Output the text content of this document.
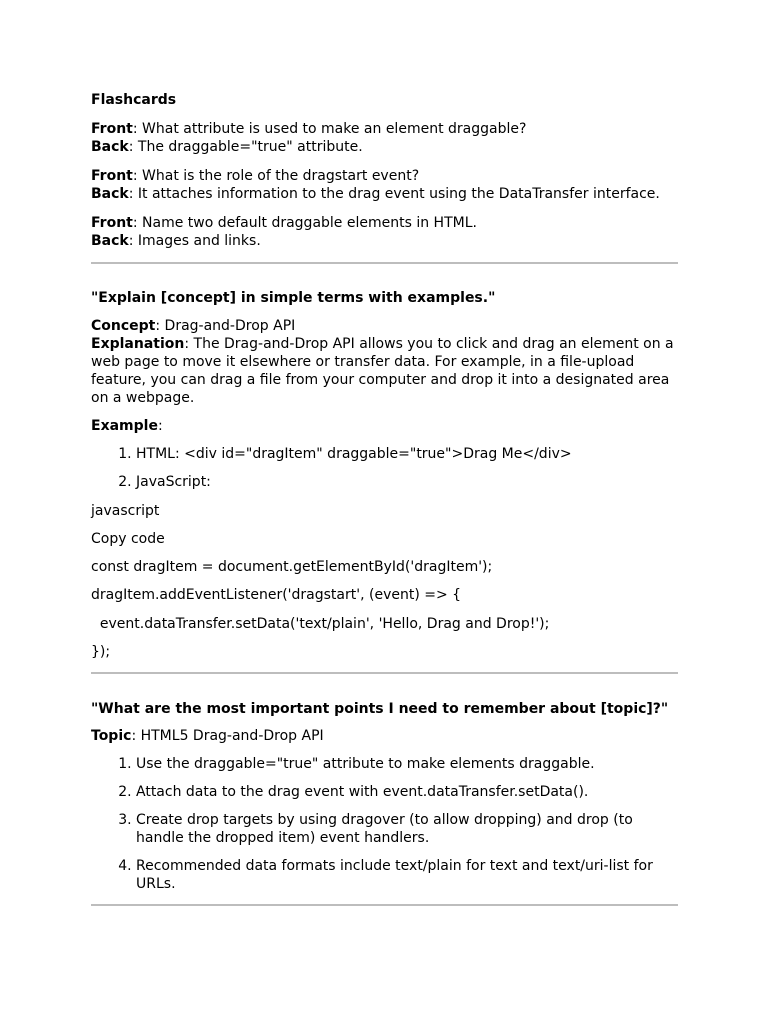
Flashcards

Front: What attribute is used to make an element draggable?

Back: The draggable="true" attribute.

Front: What is the role of the dragstart event?

Back: It attaches information to the drag event using the DataTransfer interface.

Front: Name two default draggable elements in HTML.

Back: Images and links.

"Explain [concept] in simple terms with examples."

Concept: Drag-and-Drop API

Explanation: The Drag-and-Drop API allows you to click and drag an element on a web page to move it elsewhere or transfer data. For example, in a file-upload feature, you can drag a file from your computer and drop it into a designated area on a webpage.

Example:

1. HTML: <div id="dragItem" draggable="true">Drag Me</div>
2. JavaScript:

javascript

Copy code

const dragItem = document.getElementById('dragItem');

dragItem.addEventListener('dragstart', (event) => {

event.dataTransfer.setData('text/plain', 'Hello, Drag and Drop!');

});

"What are the most important points I need to remember about [topic]?"

Topic: HTML5 Drag-and-Drop API

1. Use the draggable="true" attribute to make elements draggable.
2. Attach data to the drag event with event.dataTransfer.setData().
3. Create drop targets by using dragover (to allow dropping) and drop (to handle the dropped item) event handlers.
4. Recommended data formats include text/plain for text and text/uri-list for URLs.
